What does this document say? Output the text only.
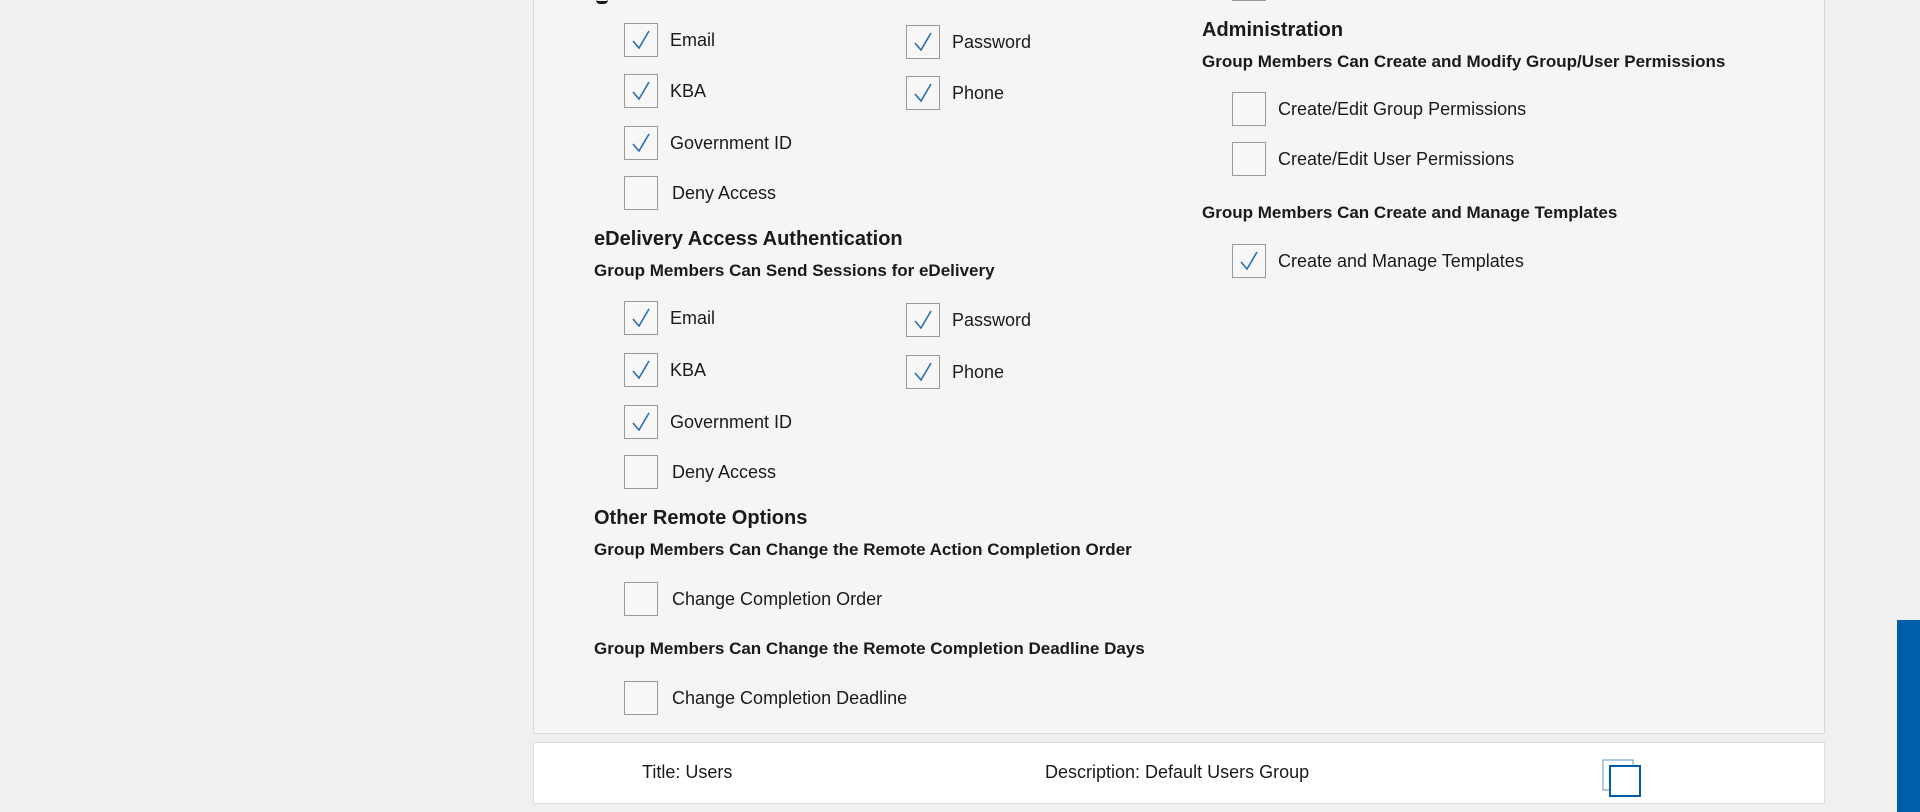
Email	Password
KBA	Phone
Government ID
Deny Access
eDelivery Access Authentication
Group Members Can Send Sessions for eDelivery
Email	Password
KBA	Phone
Government ID
Deny Access
Other Remote Options
Group Members Can Change the Remote Action Completion Order
Change Completion Order
Group Members Can Change the Remote Completion Deadline Days
Change Completion Deadline
Administration
Group Members Can Create and Modify Group/User Permissions
Create/Edit Group Permissions
Create/Edit User Permissions
Group Members Can Create and Manage Templates
Create and Manage Templates
Title: Users	Description: Default Users Group
